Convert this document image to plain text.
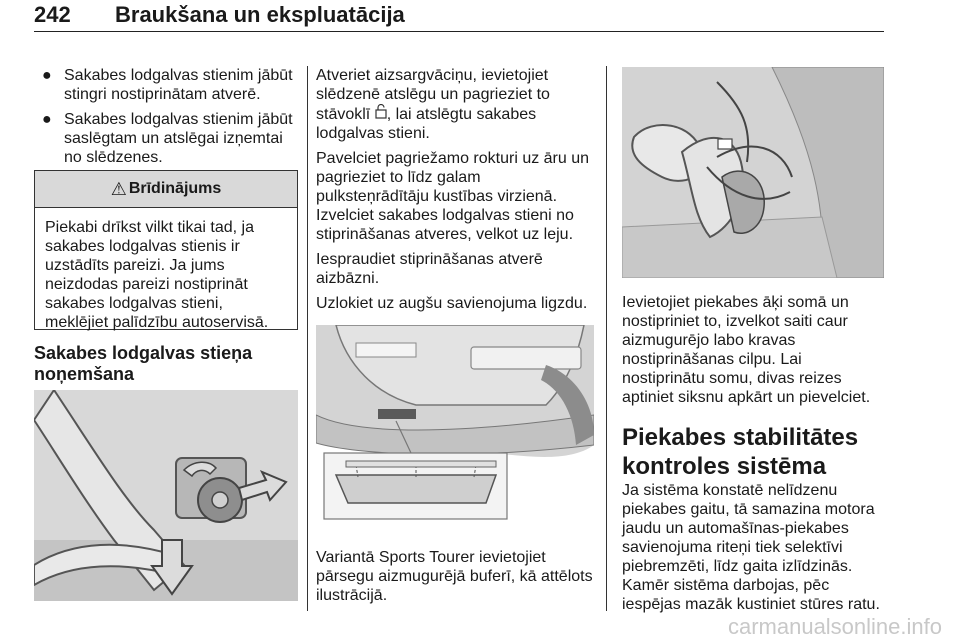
242 Braukšana un ekspluatācija
● Sakabes lodgalvas stienim jābūt stingri nostiprinātam atverē.
● Sakabes lodgalvas stienim jābūt saslēgtam un atslēgai izņemtai no slēdzenes.
⚠ Brīdinājums
Piekabi drīkst vilkt tikai tad, ja sakabes lodgalvas stienis ir uzstādīts pareizi. Ja jums neizdodas pareizi nostiprināt sakabes lodgalvas stieni, meklējiet palīdzību autoservisā.
Sakabes lodgalvas stieņa noņemšana

Atveriet aizsargvāciņu, ievietojiet slēdzenē atslēgu un pagrieziet to stāvoklī , lai atslēgtu sakabes lodgalvas stieni.

Pavelciet pagriežamo rokturi uz āru un pagrieziet to līdz galam pulksteņrādītāju kustības virzienā. Izvelciet sakabes lodgalvas stieni no stiprināšanas atveres, velkot uz leju.

Iespraudiet stiprināšanas atverē aizbāzni.

Uzlokiet uz augšu savienojuma ligzdu.

Variantā Sports Tourer ievietojiet pārsegu aizmugurējā buferī, kā attēlots ilustrācijā.
Ievietojiet piekabes āķi somā un nostipriniet to, izvelkot saiti caur aizmugurējo labo kravas nostiprināšanas cilpu. Lai nostiprinātu somu, divas reizes aptiniet siksnu apkārt un pievelciet.
Piekabes stabilitātes kontroles sistēma
Ja sistēma konstatē nelīdzenu piekabes gaitu, tā samazina motora jaudu un automašīnas-piekabes savienojuma riteņi tiek selektīvi piebremzēti, līdz gaita izlīdzinās. Kamēr sistēma darbojas, pēc iespējas mazāk kustiniet stūres ratu.
carmanualsonline.info
